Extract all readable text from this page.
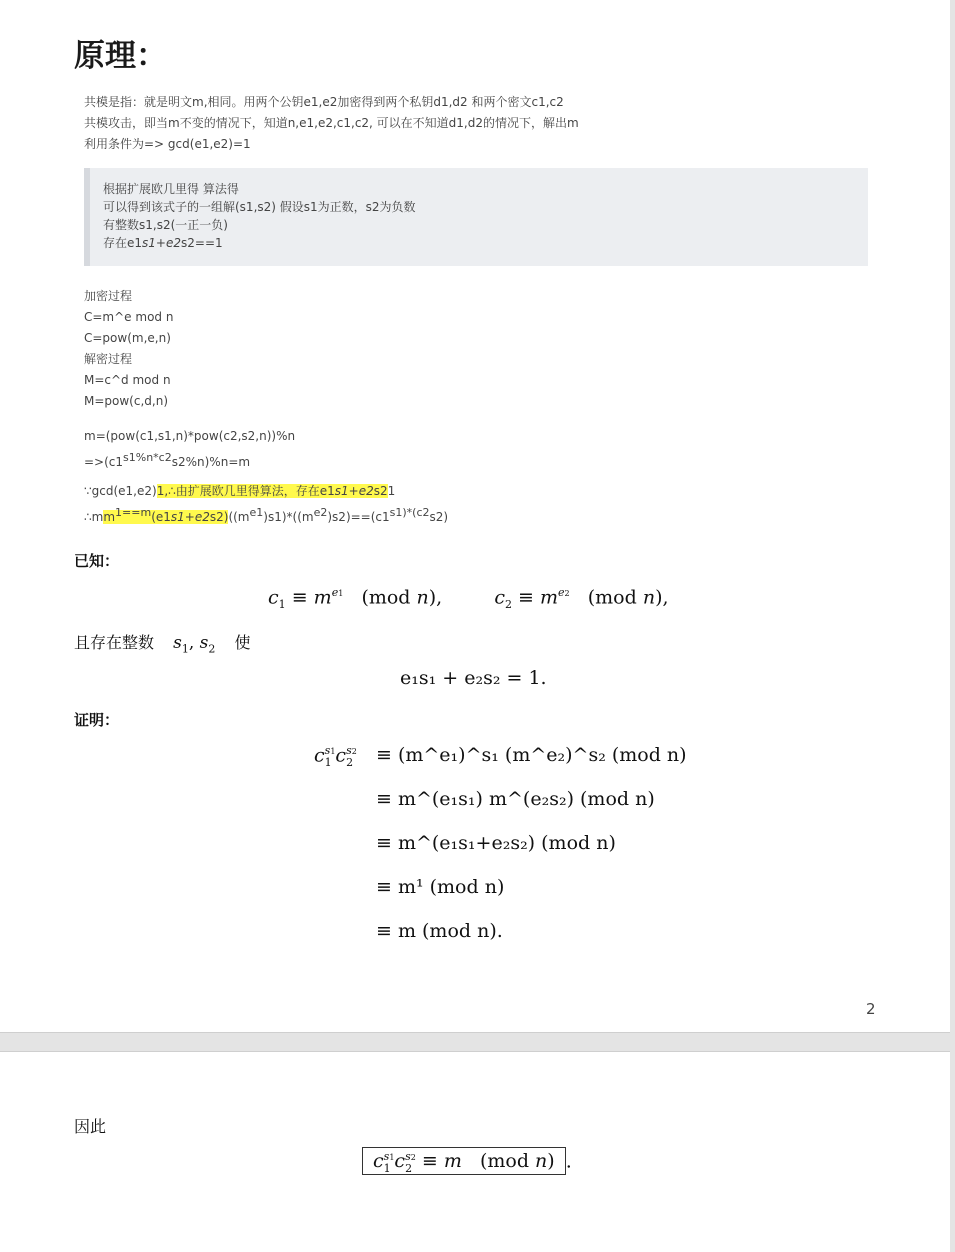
原理：
共模是指：就是明文m,相同。用两个公钥e1,e2加密得到两个私钥d1,d2 和两个密文c1,c2
共模攻击，即当m不变的情况下，知道n,e1,e2,c1,c2, 可以在不知道d1,d2的情况下，解出m
利用条件为=> gcd(e1,e2)=1
根据扩展欧几里得 算法得
可以得到该式子的一组解(s1,s2) 假设s1为正数，s2为负数
有整数s1,s2(一正一负)
存在e1s1+e2s2==1
加密过程
C=m^e mod n
C=pow(m,e,n)
解密过程
M=c^d mod n
M=pow(c,d,n)
m=(pow(c1,s1,n)*pow(c2,s2,n))%n
$=>(c1^{s1\%n*c2}s2\%n)\%n=m$
∵gcd(e1,e2)1,∴由扩展欧几里得算法，存在e1s1+e2s21
$\therefore mm^{1==m}(e1s1+e2s2)((m^{e1})s1)*((m^{e2})s2)==(c1^{s1)*(c2}s2)$
已知：
$c_1 \equiv m^{e1}$ (mod n),	$c_2 \equiv m^{e2}$ (mod n),
且存在整数 $s_1$, $s_2$ 使
e₁s₁ + e₂s₂ = 1.
证明：
$c_1^{s1}c_2^{s2}$ ≡ (m^e₁)^s₁ (m^e₂)^s₂ (mod n)
≡ m^(e₁s₁) m^(e₂s₂) (mod n)
≡ m^(e₁s₁+e₂s₂) (mod n)
≡ m¹ (mod n)
≡ m (mod n).
2
因此
$c_1^{s1}c_2^{s2} \equiv m$   (mod n) .
